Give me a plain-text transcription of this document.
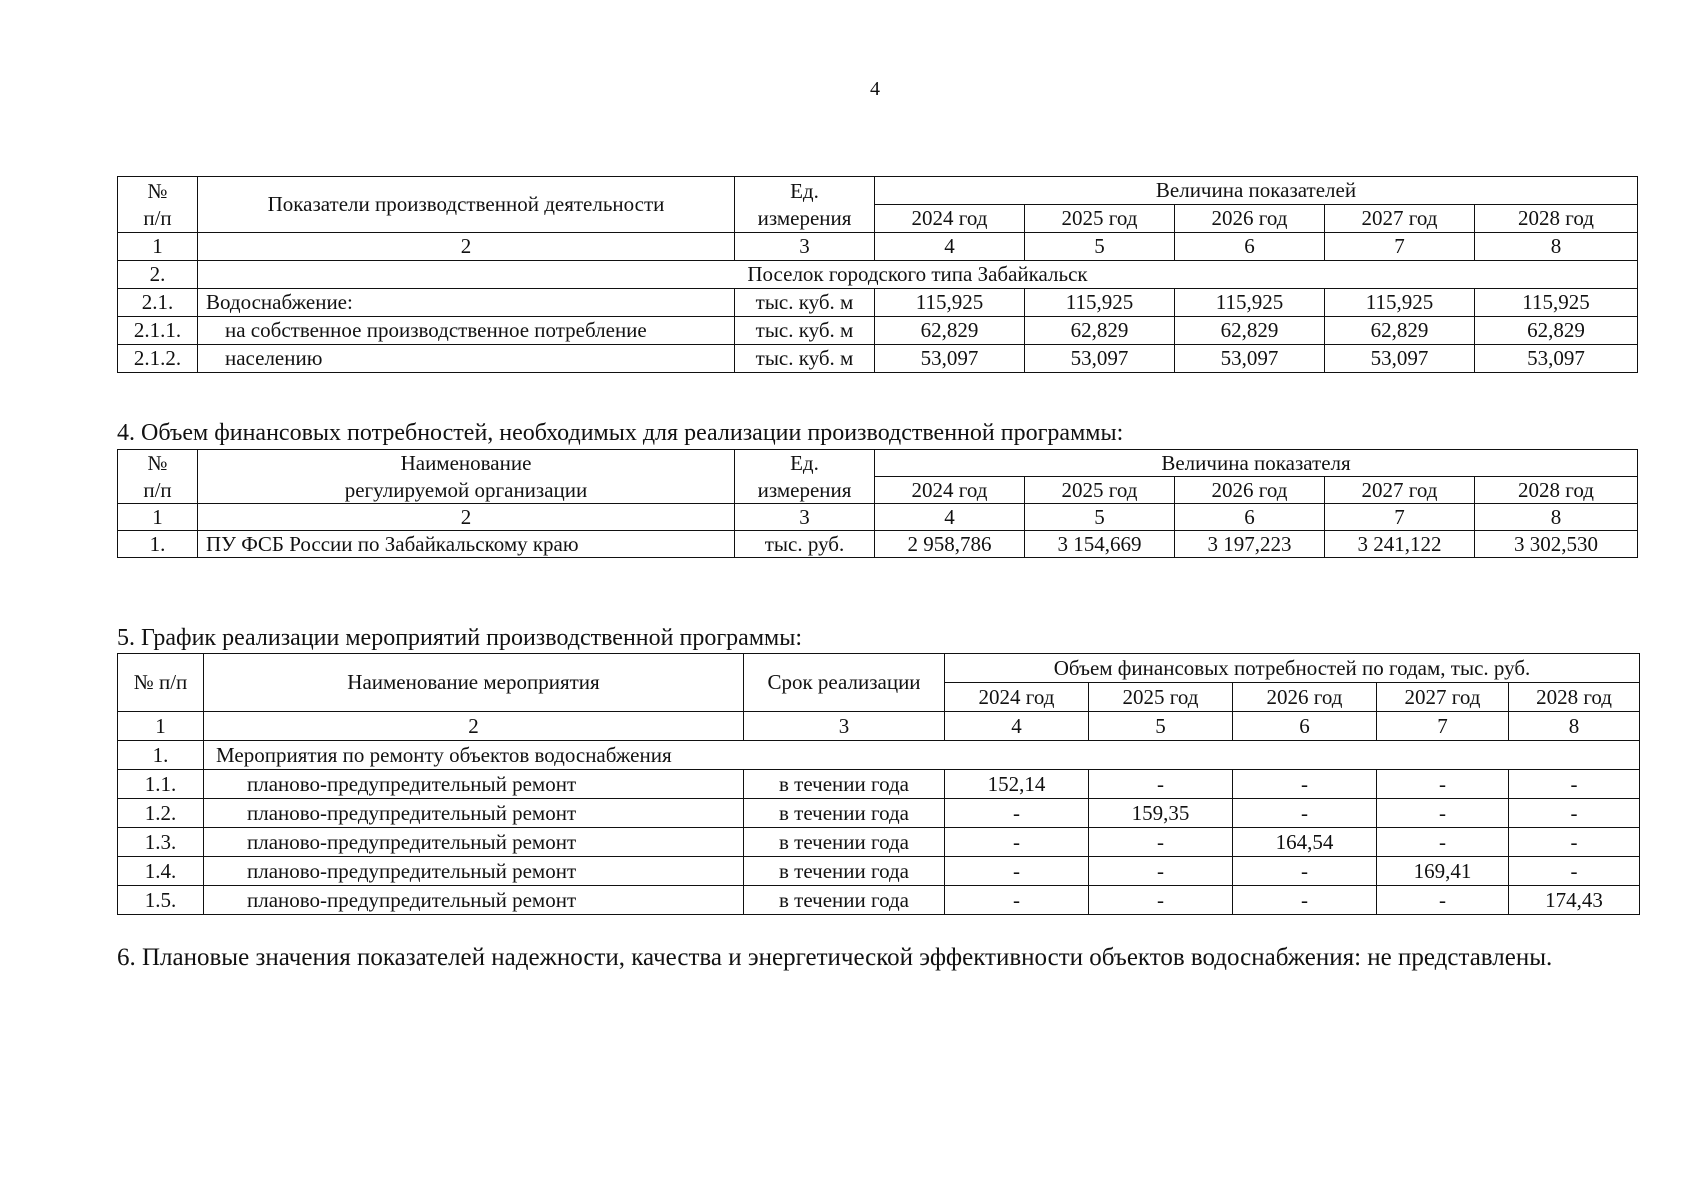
4
№
п/п	Показатели производственной деятельности	Ед.
измерения	Величина показателей				
			2024 год	2025 год	2026 год	2027 год	2028 год
1	2	3	4	5	6	7	8
2.	Поселок городского типа Забайкальск						
2.1.	Водоснабжение:	тыс. куб. м	115,925	115,925	115,925	115,925	115,925
2.1.1.	на собственное производственное потребление	тыс. куб. м	62,829	62,829	62,829	62,829	62,829
2.1.2.	населению	тыс. куб. м	53,097	53,097	53,097	53,097	53,097
4. Объем финансовых потребностей, необходимых для реализации производственной программы:
№
п/п	Наименование
регулируемой организации	Ед.
измерения	Величина показателя				
			2024 год	2025 год	2026 год	2027 год	2028 год
1	2	3	4	5	6	7	8
1.	ПУ ФСБ России по Забайкальскому краю	тыс. руб.	2 958,786	3 154,669	3 197,223	3 241,122	3 302,530
5. График реализации мероприятий производственной программы:
№ п/п	Наименование мероприятия	Срок реализации	Объем финансовых потребностей по годам, тыс. руб.				
			2024 год	2025 год	2026 год	2027 год	2028 год
1	2	3	4	5	6	7	8
1.	Мероприятия по ремонту объектов водоснабжения						
1.1.	планово-предупредительный ремонт	в течении года	152,14	-	-	-	-
1.2.	планово-предупредительный ремонт	в течении года	-	159,35	-	-	-
1.3.	планово-предупредительный ремонт	в течении года	-	-	164,54	-	-
1.4.	планово-предупредительный ремонт	в течении года	-	-	-	169,41	-
1.5.	планово-предупредительный ремонт	в течении года	-	-	-	-	174,43
6. Плановые значения показателей надежности, качества и энергетической эффективности объектов водоснабжения: не представлены.
